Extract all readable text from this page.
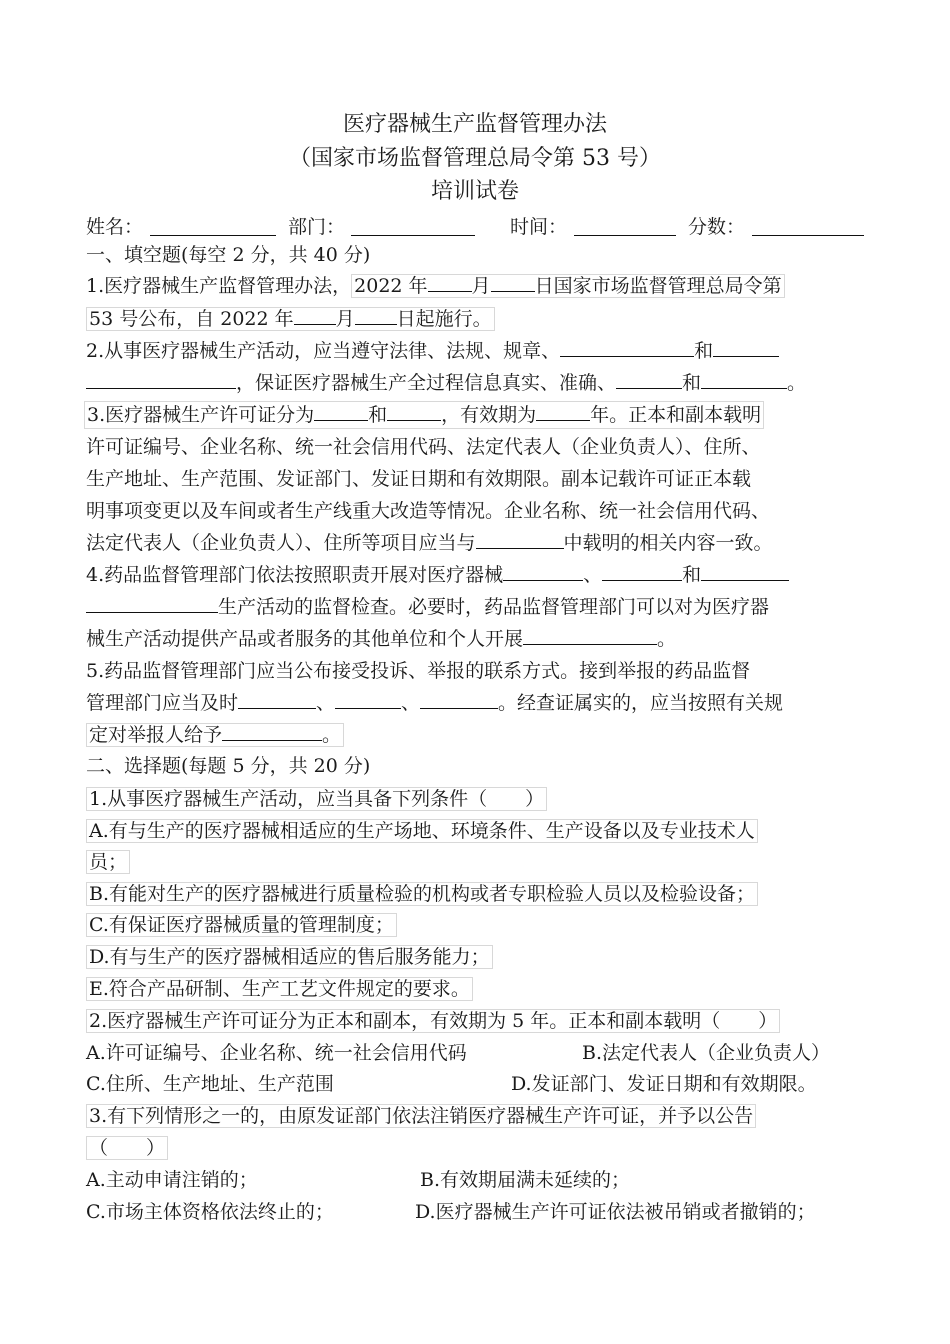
医疗器械生产监督管理办法
（国家市场监督管理总局令第 53 号）
培训试卷
姓名：	部门：	时间：	分数：
一、填空题(每空 2 分，共 40 分)
1.医疗器械生产监督管理办法， 2022 年 月 日国家市场监督管理总局令第
53 号公布，自 2022 年 月 日起施行。
2.从事医疗器械生产活动，应当遵守法律、法规、规章、	和
，保证医疗器械生产全过程信息真实、准确、	和	。
3.医疗器械生产许可证分为	和	，有效期为	年。正本和副本载明
许可证编号、企业名称、统一社会信用代码、法定代表人（企业负责人）、住所、
生产地址、生产范围、发证部门、发证日期和有效期限。副本记载许可证正本载
明事项变更以及车间或者生产线重大改造等情况。企业名称、统一社会信用代码、
法定代表人（企业负责人）、住所等项目应当与	中载明的相关内容一致。
4.药品监督管理部门依法按照职责开展对医疗器械	、	和
生产活动的监督检查。必要时，药品监督管理部门可以对为医疗器
械生产活动提供产品或者服务的其他单位和个人开展	。
5.药品监督管理部门应当公布接受投诉、举报的联系方式。接到举报的药品监督
管理部门应当及时	、	、	。经查证属实的，应当按照有关规
定对举报人给予	。
二、选择题(每题 5 分，共 20 分)
1.从事医疗器械生产活动，应当具备下列条件（　　）
A.有与生产的医疗器械相适应的生产场地、环境条件、生产设备以及专业技术人
员；
B.有能对生产的医疗器械进行质量检验的机构或者专职检验人员以及检验设备；
C.有保证医疗器械质量的管理制度；
D.有与生产的医疗器械相适应的售后服务能力；
E.符合产品研制、生产工艺文件规定的要求。
2.医疗器械生产许可证分为正本和副本，有效期为 5 年。正本和副本载明（　　）
A.许可证编号、企业名称、统一社会信用代码	B.法定代表人（企业负责人）
C.住所、生产地址、生产范围	D.发证部门、发证日期和有效期限。
3.有下列情形之一的，由原发证部门依法注销医疗器械生产许可证，并予以公告
（　　）
A.主动申请注销的；	B.有效期届满未延续的；
C.市场主体资格依法终止的；	D.医疗器械生产许可证依法被吊销或者撤销的；
